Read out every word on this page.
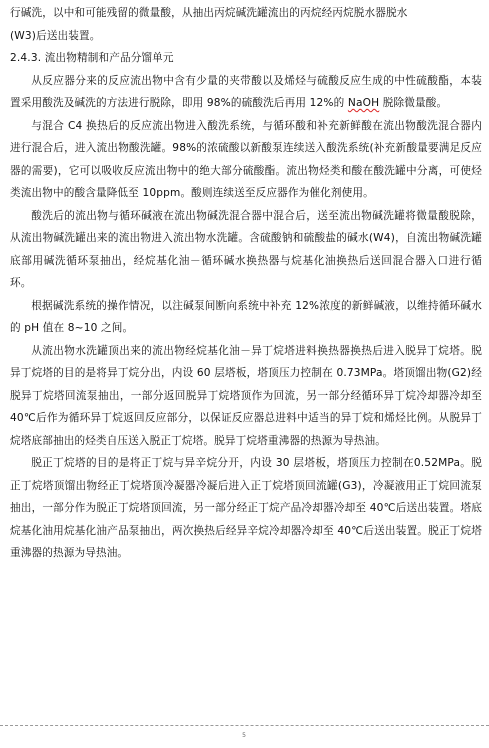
行碱洗，以中和可能残留的微量酸，从抽出丙烷碱洗罐流出的丙烷经丙烷脱水器脱水
(W3)后送出装置。

2.4.3. 流出物精制和产品分馏单元

从反应器分来的反应流出物中含有少量的夹带酸以及烯烃与硫酸反应生成的中性硫酸酯，本装置采用酸洗及碱洗的方法进行脱除，即用 98%的硫酸洗后再用 12%的 NaOH 脱除微量酸。

与混合 C4 换热后的反应流出物进入酸洗系统，与循环酸和补充新鲜酸在流出物酸洗混合器内进行混合后，进入流出物酸洗罐。98%的浓硫酸以新酸泵连续送入酸洗系统(补充新酸量要满足反应器的需要)，它可以吸收反应流出物中的绝大部分硫酸酯。流出物烃类和酸在酸洗罐中分离，可使烃类流出物中的酸含量降低至 10ppm。酸则连续送至反应器作为催化剂使用。

酸洗后的流出物与循环碱液在流出物碱洗混合器中混合后，送至流出物碱洗罐将微量酸脱除，从流出物碱洗罐出来的流出物进入流出物水洗罐。含硫酸钠和硫酸盐的碱水(W4)，自流出物碱洗罐底部用碱洗循环泵抽出，经烷基化油－循环碱水换热器与烷基化油换热后送回混合器入口进行循环。

根据碱洗系统的操作情况，以注碱泵间断向系统中补充 12%浓度的新鲜碱液，以维持循环碱水的 pH 值在 8~10 之间。

从流出物水洗罐顶出来的流出物经烷基化油－异丁烷塔进料换热器换热后进入脱异丁烷塔。脱异丁烷塔的目的是将异丁烷分出，内设 60 层塔板，塔顶压力控制在 0.73MPa。塔顶馏出物(G2)经脱异丁烷塔回流泵抽出，一部分返回脱异丁烷塔顶作为回流，另一部分经循环异丁烷冷却器冷却至 40℃后作为循环异丁烷返回反应部分，以保证反应器总进料中适当的异丁烷和烯烃比例。从脱异丁烷塔底部抽出的烃类自压送入脱正丁烷塔。脱异丁烷塔重沸器的热源为导热油。

脱正丁烷塔的目的是将正丁烷与异辛烷分开，内设 30 层塔板，塔顶压力控制在0.52MPa。脱正丁烷塔顶馏出物经正丁烷塔顶冷凝器冷凝后进入正丁烷塔顶回流罐(G3)，冷凝液用正丁烷回流泵抽出，一部分作为脱正丁烷塔顶回流，另一部分经正丁烷产品冷却器冷却至 40℃后送出装置。塔底烷基化油用烷基化油产品泵抽出，两次换热后经异辛烷冷却器冷却至 40℃后送出装置。脱正丁烷塔重沸器的热源为导热油。

5
